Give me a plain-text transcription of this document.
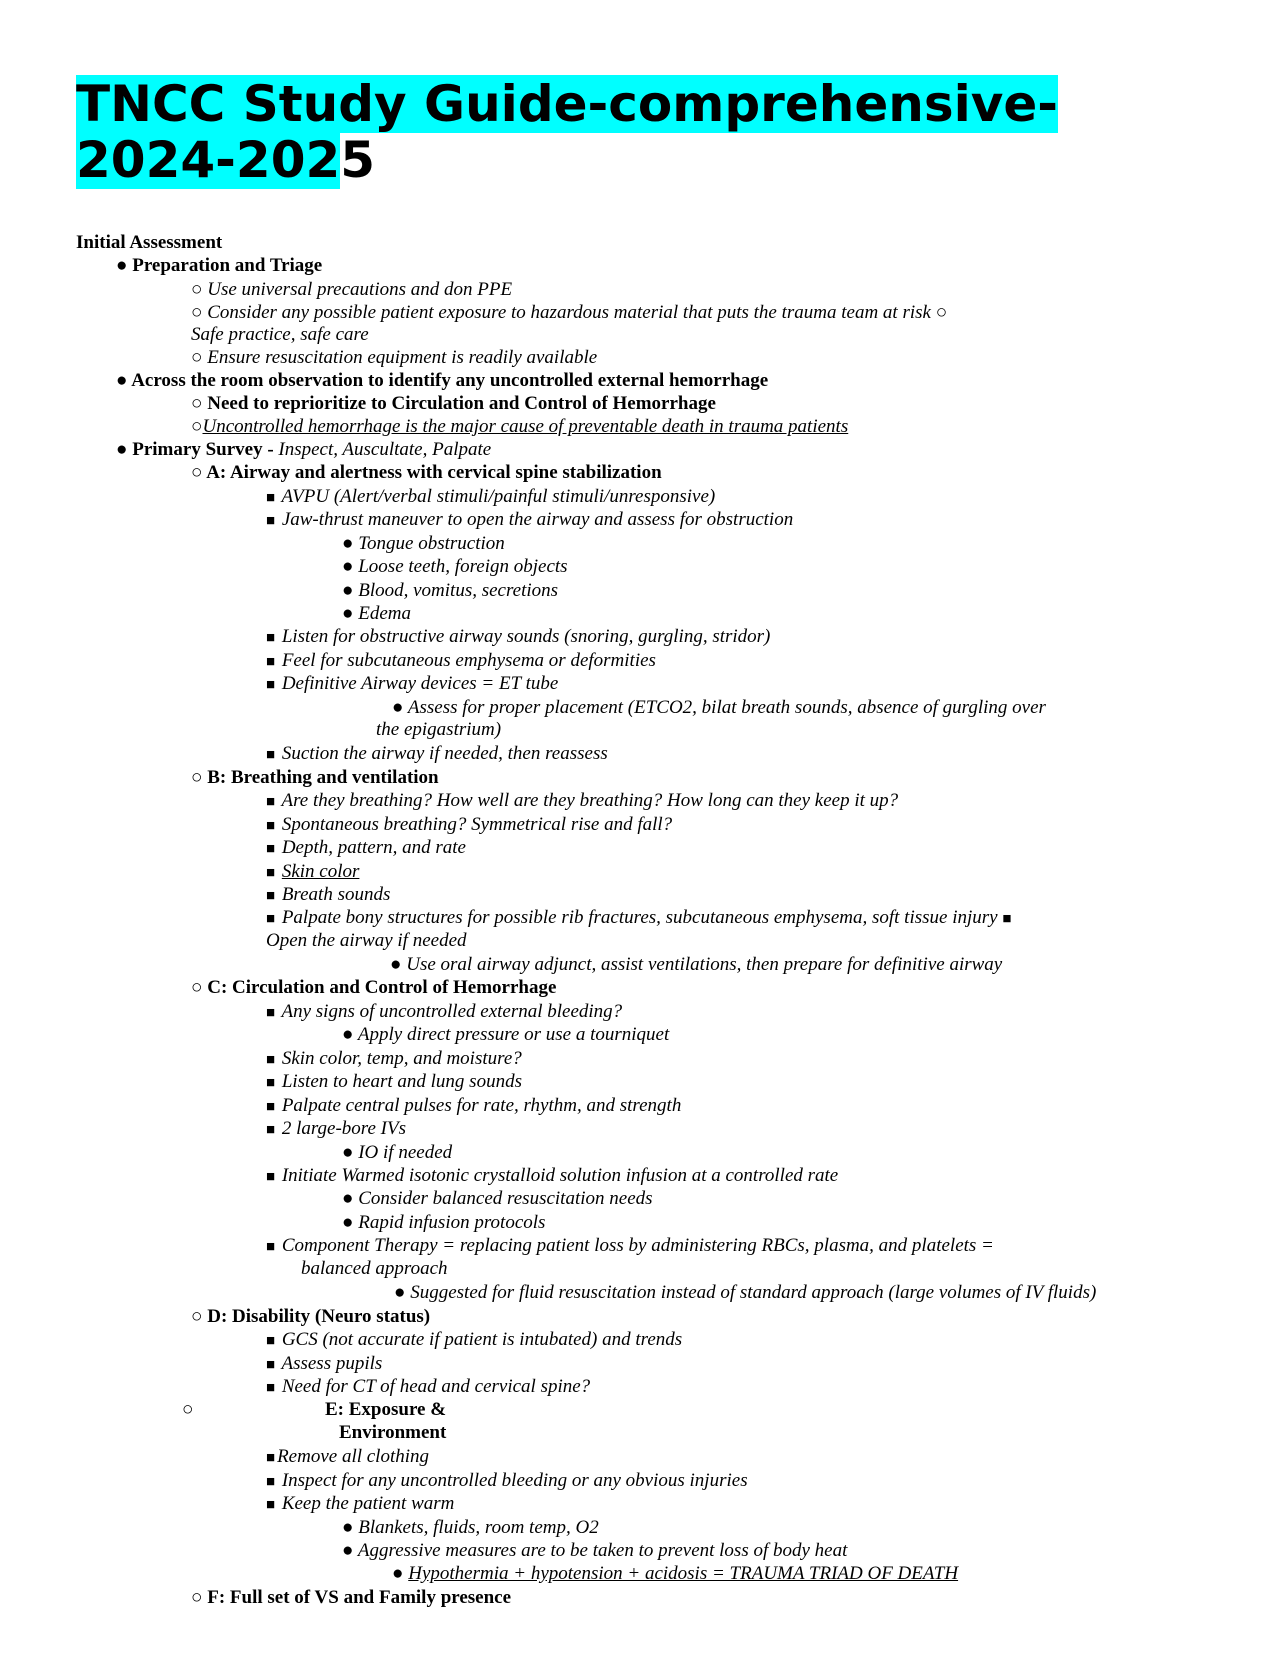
TNCC Study Guide-comprehensive-
2024-2025
Initial Assessment
● Preparation and Triage
○ Use universal precautions and don PPE
○ Consider any possible patient exposure to hazardous material that puts the trauma team at risk ○
Safe practice, safe care
○ Ensure resuscitation equipment is readily available
● Across the room observation to identify any uncontrolled external hemorrhage
○ Need to reprioritize to Circulation and Control of Hemorrhage
○Uncontrolled hemorrhage is the major cause of preventable death in trauma patients
● Primary Survey - Inspect, Auscultate, Palpate
○ A: Airway and alertness with cervical spine stabilization
■ AVPU (Alert/verbal stimuli/painful stimuli/unresponsive)
■ Jaw-thrust maneuver to open the airway and assess for obstruction
● Tongue obstruction
● Loose teeth, foreign objects
● Blood, vomitus, secretions
● Edema
■ Listen for obstructive airway sounds (snoring, gurgling, stridor)
■ Feel for subcutaneous emphysema or deformities
■ Definitive Airway devices = ET tube
● Assess for proper placement (ETCO2, bilat breath sounds, absence of gurgling over
the epigastrium)
■ Suction the airway if needed, then reassess
○ B: Breathing and ventilation
■ Are they breathing? How well are they breathing? How long can they keep it up?
■ Spontaneous breathing? Symmetrical rise and fall?
■ Depth, pattern, and rate
■ Skin color
■ Breath sounds
■ Palpate bony structures for possible rib fractures, subcutaneous emphysema, soft tissue injury ■
Open the airway if needed
● Use oral airway adjunct, assist ventilations, then prepare for definitive airway
○ C: Circulation and Control of Hemorrhage
■ Any signs of uncontrolled external bleeding?
● Apply direct pressure or use a tourniquet
■ Skin color, temp, and moisture?
■ Listen to heart and lung sounds
■ Palpate central pulses for rate, rhythm, and strength
■ 2 large-bore IVs
● IO if needed
■ Initiate Warmed isotonic crystalloid solution infusion at a controlled rate
● Consider balanced resuscitation needs
● Rapid infusion protocols
■ Component Therapy = replacing patient loss by administering RBCs, plasma, and platelets =
balanced approach
● Suggested for fluid resuscitation instead of standard approach (large volumes of IV fluids)
○ D: Disability (Neuro status)
■ GCS (not accurate if patient is intubated) and trends
■ Assess pupils
■ Need for CT of head and cervical spine?
○	E: Exposure &
Environment
■ Remove all clothing
■ Inspect for any uncontrolled bleeding or any obvious injuries
■ Keep the patient warm
● Blankets, fluids, room temp, O2
● Aggressive measures are to be taken to prevent loss of body heat
● Hypothermia + hypotension + acidosis = TRAUMA TRIAD OF DEATH
○ F: Full set of VS and Family presence
